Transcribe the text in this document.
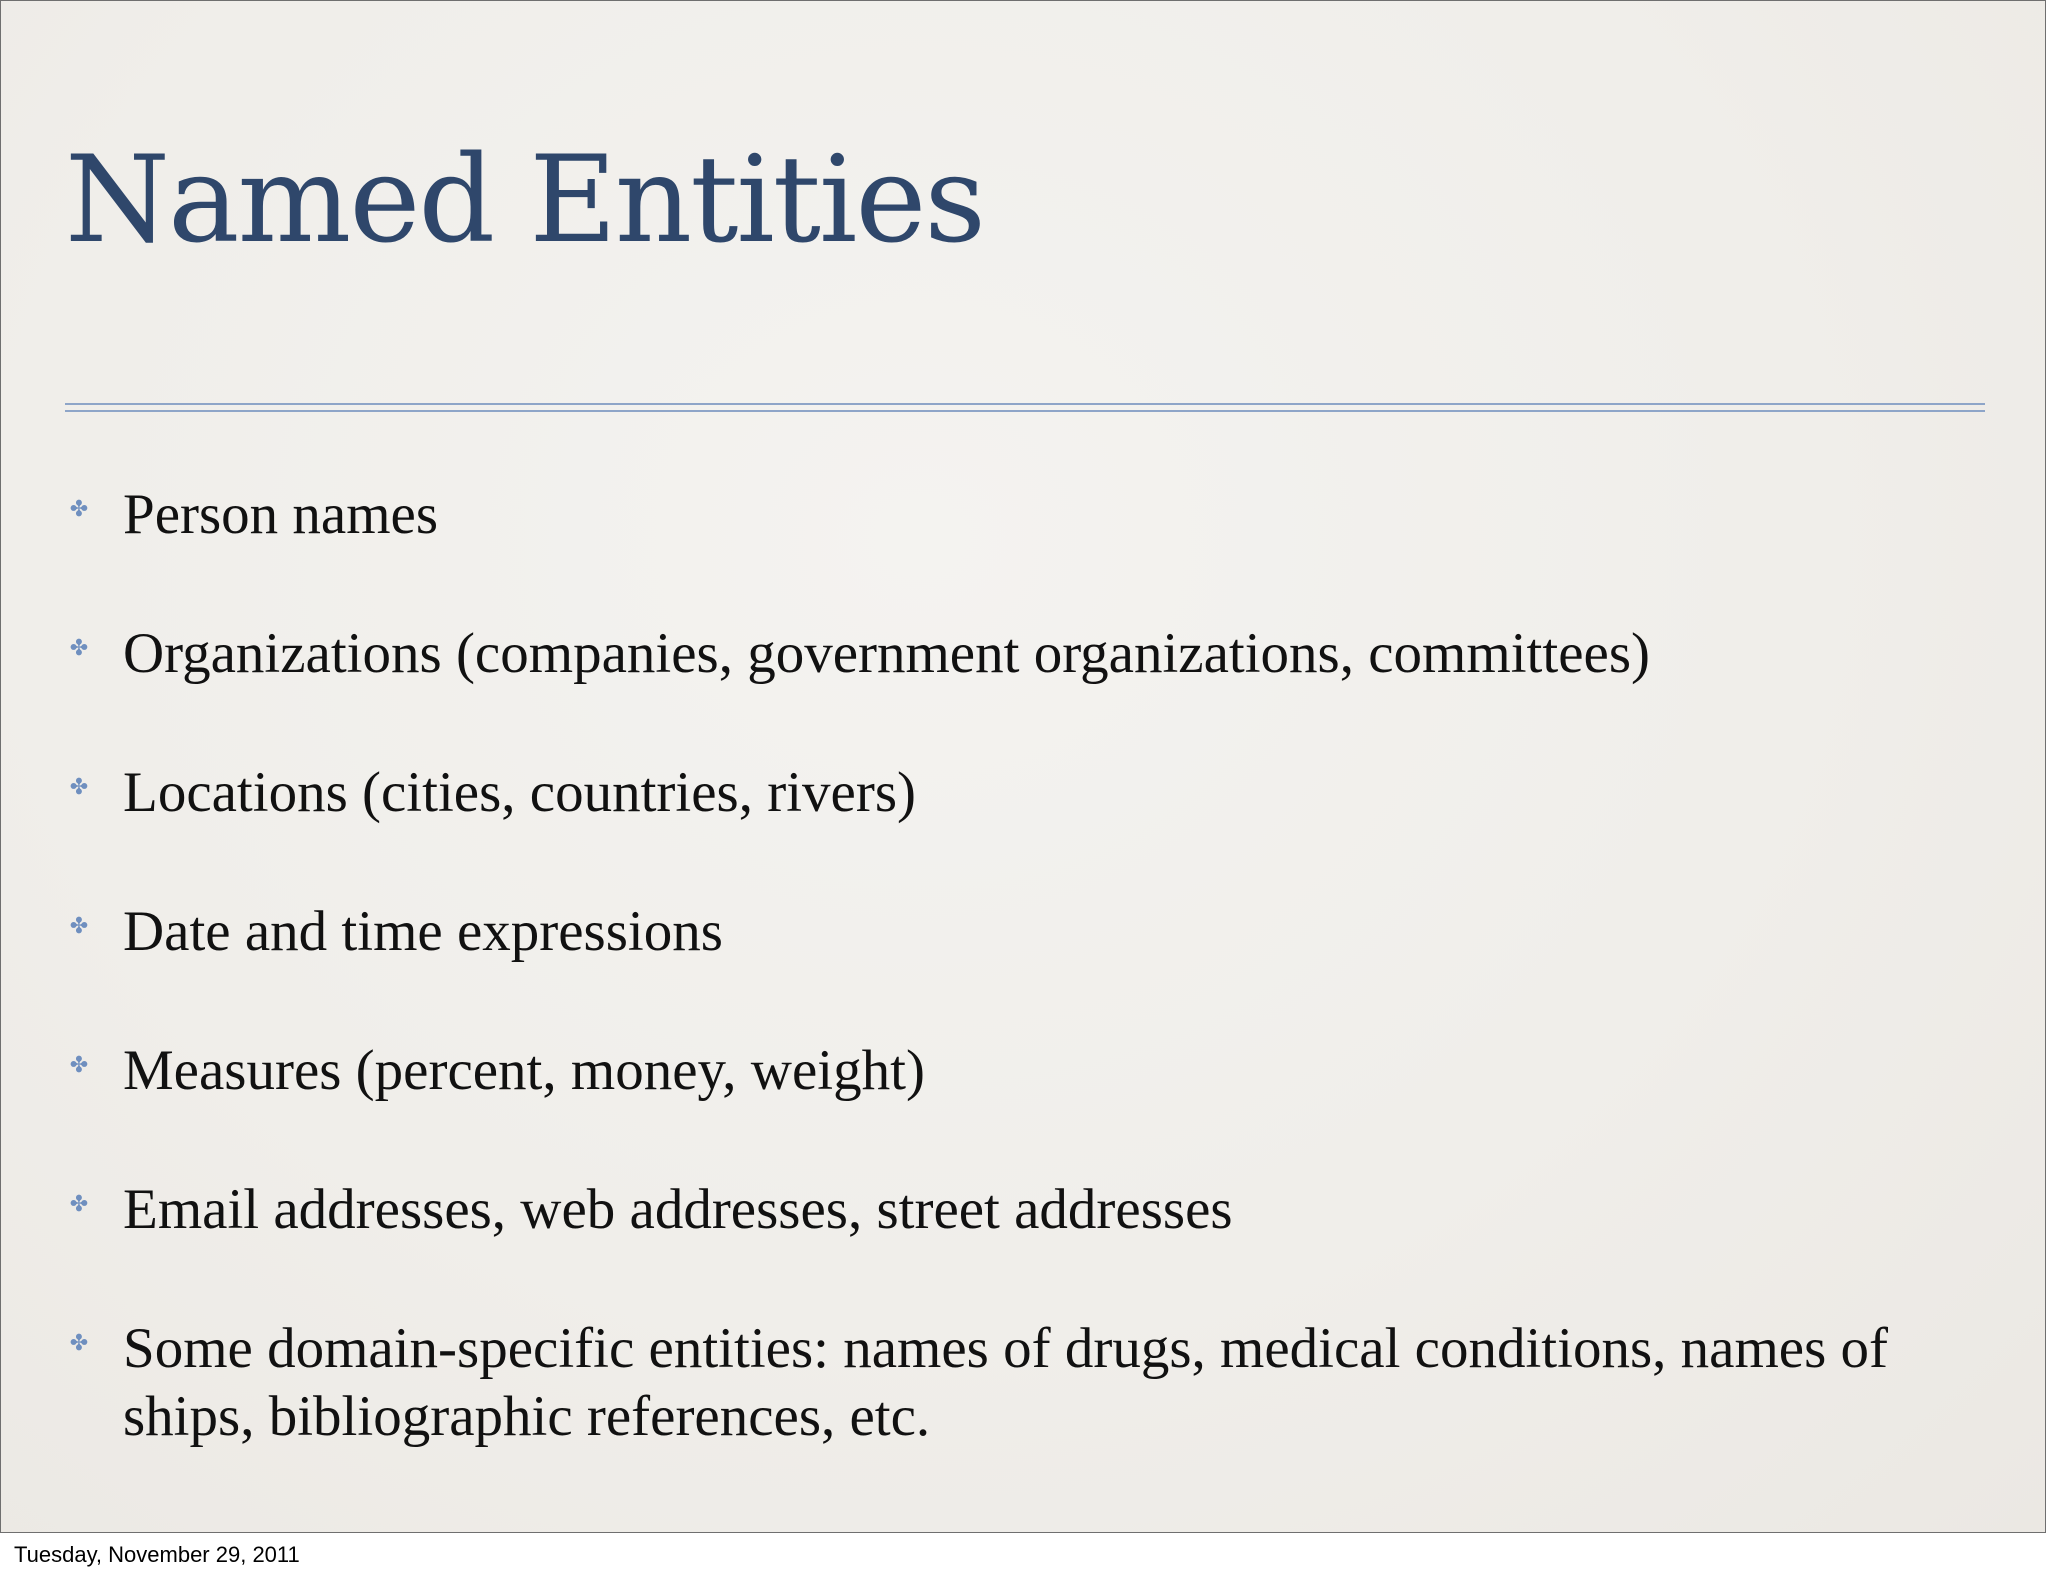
Named Entities
✤ Person names
✤ Organizations (companies, government organizations, committees)
✤ Locations (cities, countries, rivers)
✤ Date and time expressions
✤ Measures (percent, money, weight)
✤ Email addresses, web addresses, street addresses
✤ Some domain-specific entities: names of drugs, medical conditions, names of ships, bibliographic references, etc.
Tuesday, November 29, 2011
